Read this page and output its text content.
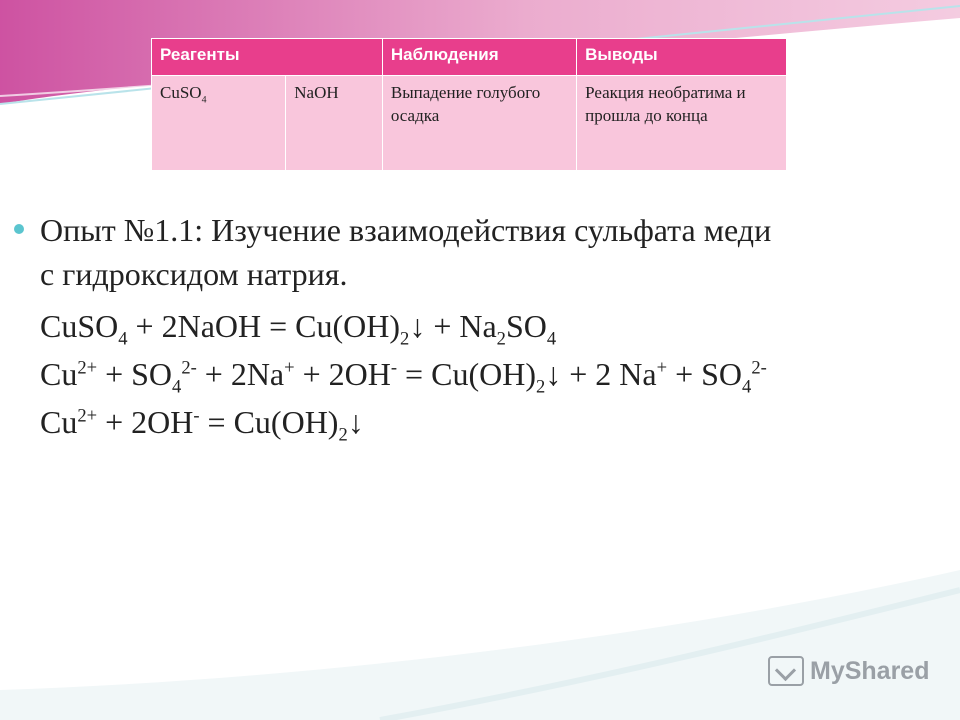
Реагенты		Наблюдения	Выводы
CuSO$_4$	NaOH	Выпадение голубого осадка	Реакция необратима и прошла до конца
Опыт №1.1: Изучение взаимодействия сульфата меди
с гидроксидом натрия.
CuSO$_4$ + 2NaOH = $Cu(OH)_2↓ + Na_2SO_4$
$Cu^{2+} + SO_4^{2-} + 2Na^+ + 2OH^-$ = $Cu(OH)_2↓ + 2$ $Na^+ + SO_4^{2-}$
$Cu^{2+} + 2OH^-$ = $Cu(OH)_2↓$
MyShared
